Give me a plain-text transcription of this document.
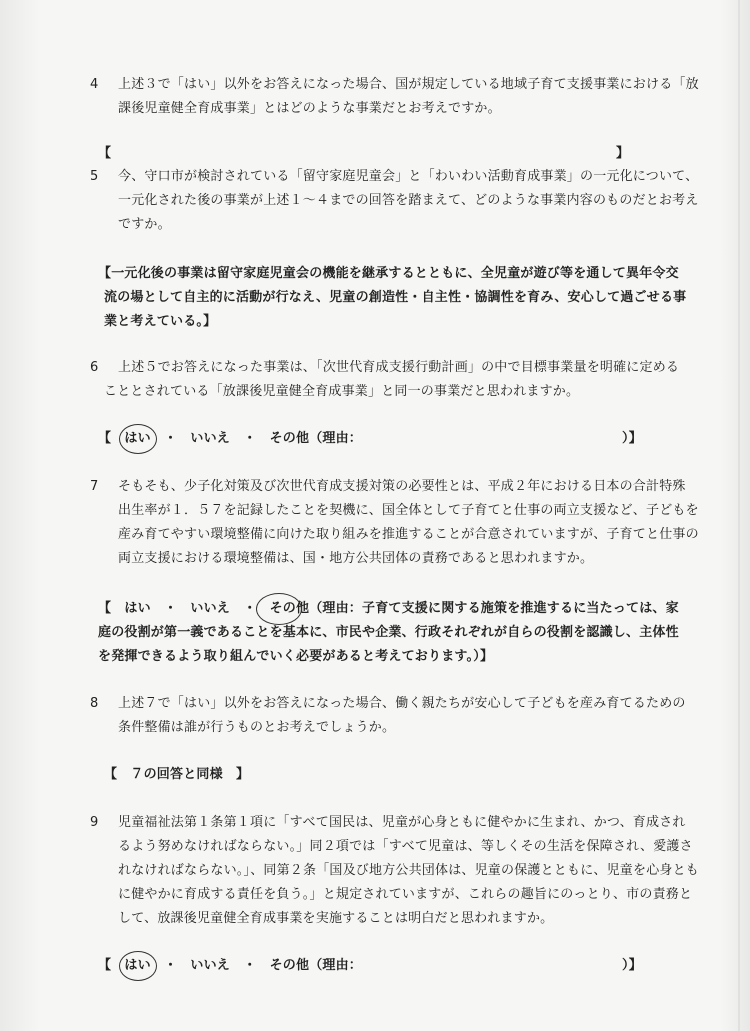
4 上述３で「はい」以外をお答えになった場合、国が規定している地域子育て支援事業における「放
課後児童健全育成事業」とはどのような事業だとお考えですか。
【	】
5 今、守口市が検討されている「留守家庭児童会」と「わいわい活動育成事業」の一元化について、
一元化された後の事業が上述１～４までの回答を踏まえて、どのような事業内容のものだとお考え
ですか。
【一元化後の事業は留守家庭児童会の機能を継承するとともに、全児童が遊び等を通して異年令交
流の場として自主的に活動が行なえ、児童の創造性・自主性・協調性を育み、安心して過ごせる事
業と考えている。】
6 上述５でお答えになった事業は、「次世代育成支援行動計画」の中で目標事業量を明確に定める
こととされている「放課後児童健全育成事業」と同一の事業だと思われますか。
【　はい　・　いいえ　・　その他（理由：	）】
7 そもそも、少子化対策及び次世代育成支援対策の必要性とは、平成２年における日本の合計特殊
出生率が１．５７を記録したことを契機に、国全体として子育てと仕事の両立支援など、子どもを
産み育てやすい環境整備に向けた取り組みを推進することが合意されていますが、子育てと仕事の
両立支援における環境整備は、国・地方公共団体の責務であると思われますか。
【　はい　・　いいえ　・　その他（理由：子育て支援に関する施策を推進するに当たっては、家
庭の役割が第一義であることを基本に、市民や企業、行政それぞれが自らの役割を認識し、主体性
を発揮できるよう取り組んでいく必要があると考えております。）】
8 上述７で「はい」以外をお答えになった場合、働く親たちが安心して子どもを産み育てるための
条件整備は誰が行うものとお考えでしょうか。
【　７の回答と同様　】
9 児童福祉法第１条第１項に「すべて国民は、児童が心身ともに健やかに生まれ、かつ、育成され
るよう努めなければならない。」同２項では「すべて児童は、等しくその生活を保障され、愛護さ
れなければならない。」、同第２条「国及び地方公共団体は、児童の保護とともに、児童を心身とも
に健やかに育成する責任を負う。」と規定されていますが、これらの趣旨にのっとり、市の責務と
して、放課後児童健全育成事業を実施することは明白だと思われますか。
【　はい　・　いいえ　・　その他（理由：	）】
